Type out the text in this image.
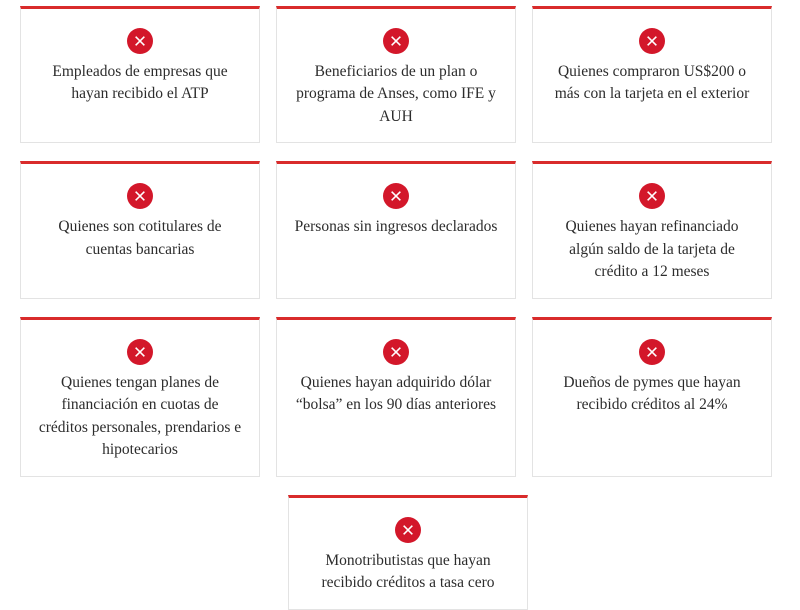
Empleados de empresas que hayan recibido el ATP
Beneficiarios de un plan o programa de Anses, como IFE y AUH
Quienes compraron US$200 o más con la tarjeta en el exterior
Quienes son cotitulares de cuentas bancarias
Personas sin ingresos declarados	Quienes hayan refinanciado algún saldo de la tarjeta de crédito a 12 meses
Quienes tengan planes de financiación en cuotas de créditos personales, prendarios e hipotecarios
Quienes hayan adquirido dólar “bolsa” en los 90 días anteriores
Dueños de pymes que hayan recibido créditos al 24%
Monotributistas que hayan recibido créditos a tasa cero
